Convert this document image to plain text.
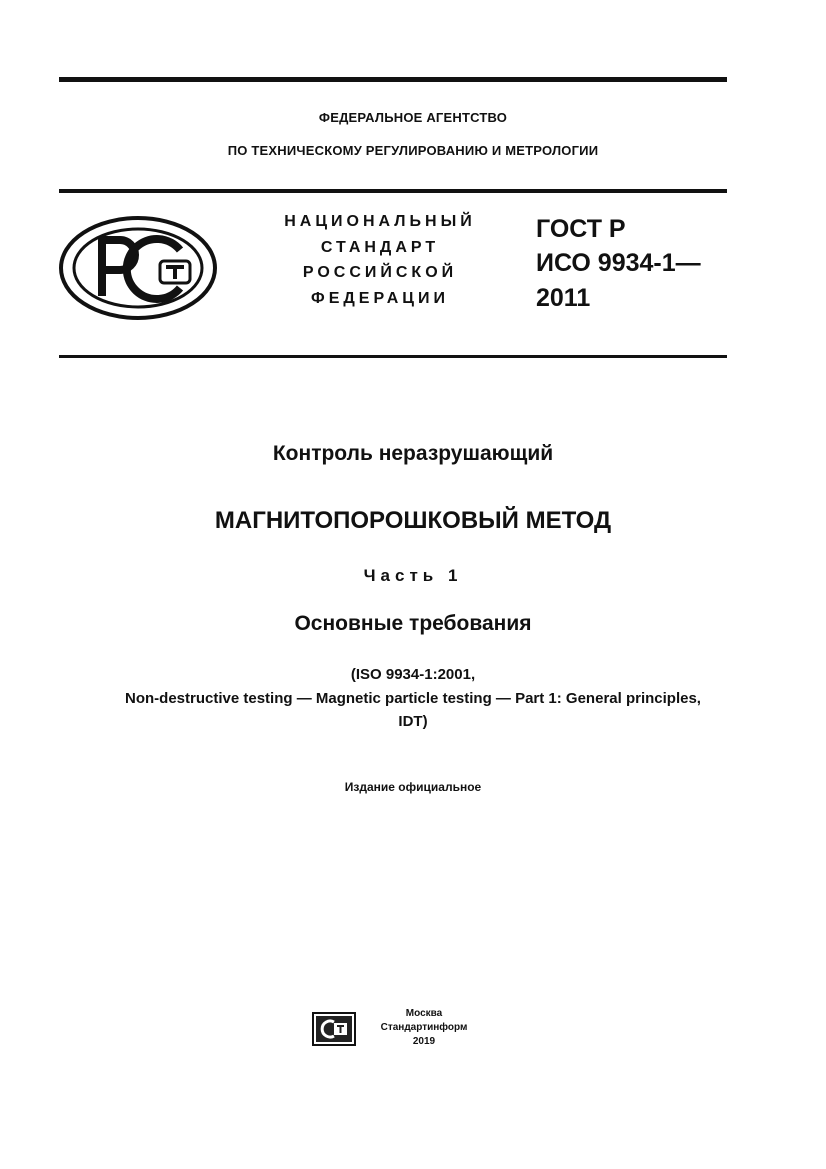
ФЕДЕРАЛЬНОЕ АГЕНТСТВО
ПО ТЕХНИЧЕСКОМУ РЕГУЛИРОВАНИЮ И МЕТРОЛОГИИ
НАЦИОНАЛЬНЫЙ
СТАНДАРТ
РОССИЙСКОЙ
ФЕДЕРАЦИИ
ГОСТ Р
ИСО 9934-1—
2011
Контроль неразрушающий
МАГНИТОПОРОШКОВЫЙ МЕТОД
Часть 1
Основные требования
(ISO 9934-1:2001,
Non-destructive testing — Magnetic particle testing — Part 1: General principles,
IDT)
Издание официальное
Москва
Стандартинформ
2019
